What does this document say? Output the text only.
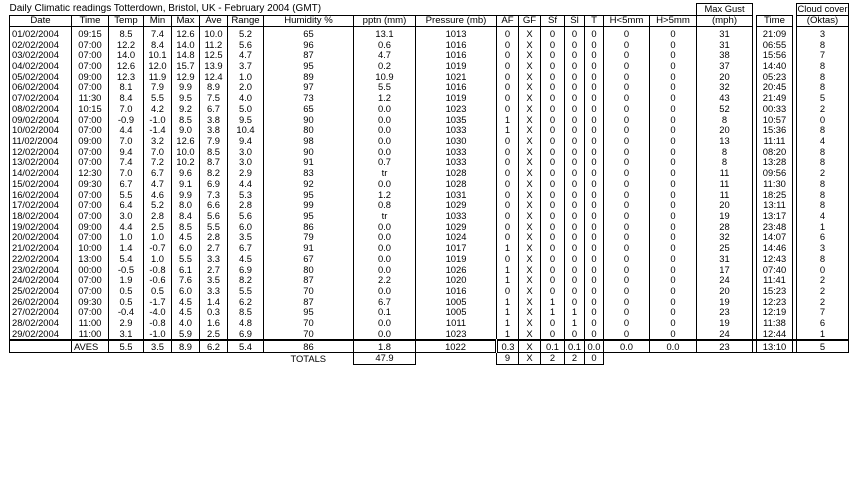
Daily Climatic readings Totterdown, Bristol, UK - February 2004 (GMT)																	Max Gust				Cloud cover
Date	Time	Temp	Min	Max	Ave	Range	Humidity %	pptn (mm)	Pressure (mb)	AF	GF	Sf	Sl	T	H<5mm	H>5mm	(mph)		Time		(Oktas)
01/02/2004	09:15	8.5	7.4	12.6	10.0	5.2	65	13.1	1013	0	X	0	0	0	0	0	31		21:09		3
02/02/2004	07:00	12.2	8.4	14.0	11.2	5.6	96	0.6	1016	0	X	0	0	0	0	0	31		06:55		8
03/02/2004	07:00	14.0	10.1	14.8	12.5	4.7	87	4.7	1016	0	X	0	0	0	0	0	38		15:56		7
04/02/2004	07:00	12.6	12.0	15.7	13.9	3.7	95	0.2	1019	0	X	0	0	0	0	0	37		14:40		8
05/02/2004	09:00	12.3	11.9	12.9	12.4	1.0	89	10.9	1021	0	X	0	0	0	0	0	20		05:23		8
06/02/2004	07:00	8.1	7.9	9.9	8.9	2.0	97	5.5	1016	0	X	0	0	0	0	0	32		20:45		8
07/02/2004	11:30	8.4	5.5	9.5	7.5	4.0	73	1.2	1019	0	X	0	0	0	0	0	43		21:49		5
08/02/2004	10:15	7.0	4.2	9.2	6.7	5.0	65	0.0	1023	0	X	0	0	0	0	0	52		00:33		2
09/02/2004	07:00	-0.9	-1.0	8.5	3.8	9.5	90	0.0	1035	1	X	0	0	0	0	0	8		10:57		0
10/02/2004	07:00	4.4	-1.4	9.0	3.8	10.4	80	0.0	1033	1	X	0	0	0	0	0	20		15:36		8
11/02/2004	09:00	7.0	3.2	12.6	7.9	9.4	98	0.0	1030	0	X	0	0	0	0	0	13		11:11		4
12/02/2004	07:00	9.4	7.0	10.0	8.5	3.0	90	0.0	1033	0	X	0	0	0	0	0	8		08:20		8
13/02/2004	07:00	7.4	7.2	10.2	8.7	3.0	91	0.7	1033	0	X	0	0	0	0	0	8		13:28		8
14/02/2004	12:30	7.0	6.7	9.6	8.2	2.9	83	tr	1028	0	X	0	0	0	0	0	11		09:56		2
15/02/2004	09:30	6.7	4.7	9.1	6.9	4.4	92	0.0	1028	0	X	0	0	0	0	0	11		11:30		8
16/02/2004	07:00	5.5	4.6	9.9	7.3	5.3	95	1.2	1031	0	X	0	0	0	0	0	11		18:25		8
17/02/2004	07:00	6.4	5.2	8.0	6.6	2.8	99	0.8	1029	0	X	0	0	0	0	0	20		13:11		8
18/02/2004	07:00	3.0	2.8	8.4	5.6	5.6	95	tr	1033	0	X	0	0	0	0	0	19		13:17		4
19/02/2004	09:00	4.4	2.5	8.5	5.5	6.0	86	0.0	1029	0	X	0	0	0	0	0	28		23:48		1
20/02/2004	07:00	1.0	1.0	4.5	2.8	3.5	79	0.0	1024	0	X	0	0	0	0	0	32		14:07		6
21/02/2004	10:00	1.4	-0.7	6.0	2.7	6.7	91	0.0	1017	1	X	0	0	0	0	0	25		14:46		3
22/02/2004	13:00	5.4	1.0	5.5	3.3	4.5	67	0.0	1019	0	X	0	0	0	0	0	31		12:43		8
23/02/2004	00:00	-0.5	-0.8	6.1	2.7	6.9	80	0.0	1026	1	X	0	0	0	0	0	17		07:40		0
24/02/2004	07:00	1.9	-0.6	7.6	3.5	8.2	87	2.2	1020	1	X	0	0	0	0	0	24		11:41		2
25/02/2004	07:00	0.5	0.5	6.0	3.3	5.5	70	0.0	1016	0	X	0	0	0	0	0	20		15:23		2
26/02/2004	09:30	0.5	-1.7	4.5	1.4	6.2	87	6.7	1005	1	X	1	0	0	0	0	19		12:23		2
27/02/2004	07:00	-0.4	-4.0	4.5	0.3	8.5	95	0.1	1005	1	X	1	1	0	0	0	23		12:19		7
28/02/2004	11:00	2.9	-0.8	4.0	1.6	4.8	70	0.0	1011	1	X	0	1	0	0	0	19		11:38		6
29/02/2004	11:00	3.1	-1.0	5.9	2.5	6.9	70	0.0	1023	1	X	0	0	0	0	0	24		12:44		1
	AVES	5.5	3.5	8.9	6.2	5.4	86	1.8	1022	0.3	X	0.1	0.1	0.0	0.0	0.0	23		13:10		5
							TOTALS	47.9		9	X	2	2	0							
